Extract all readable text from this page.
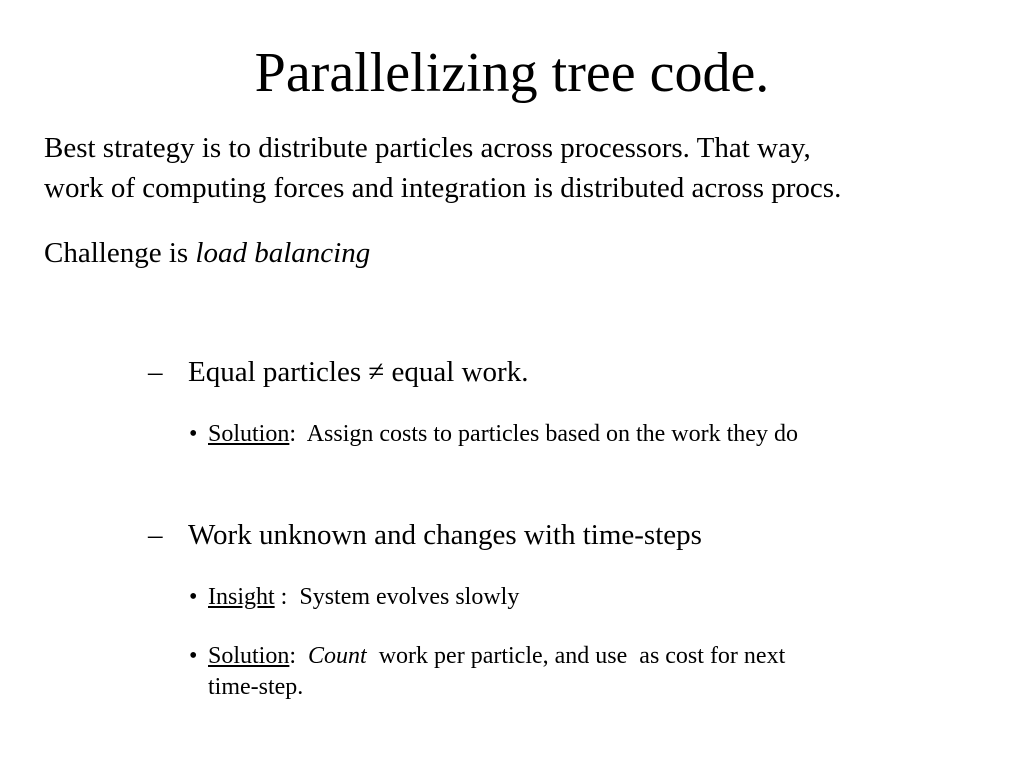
Parallelizing tree code.
Best strategy is to distribute particles across processors. That way,
work of computing forces and integration is distributed across procs.
Challenge is load balancing
– Equal particles ≠ equal work.
• Solution:  Assign costs to particles based on the work they do
– Work unknown and changes with time-steps
• Insight :  System evolves slowly
• Solution:  Count  work per particle, and use  as cost for next
time-step.
